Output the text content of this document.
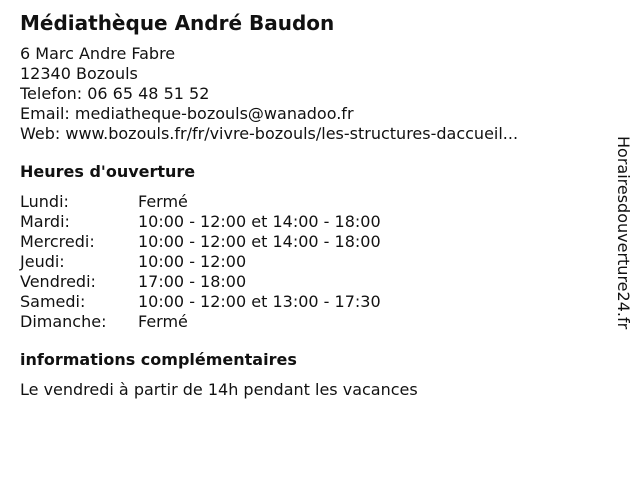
Médiathèque André Baudon
6 Marc Andre Fabre
12340 Bozouls
Telefon: 06 65 48 51 52
Email: mediatheque-bozouls@wanadoo.fr
Web: www.bozouls.fr/fr/vivre-bozouls/les-structures-daccueil...
Heures d'ouverture
Lundi:	Fermé
Mardi:	10:00 - 12:00 et 14:00 - 18:00
Mercredi:	10:00 - 12:00 et 14:00 - 18:00
Jeudi:	10:00 - 12:00
Vendredi:	17:00 - 18:00
Samedi:	10:00 - 12:00 et 13:00 - 17:30
Dimanche:	Fermé
informations complémentaires
Le vendredi à partir de 14h pendant les vacances
Horairesdouverture24.fr
